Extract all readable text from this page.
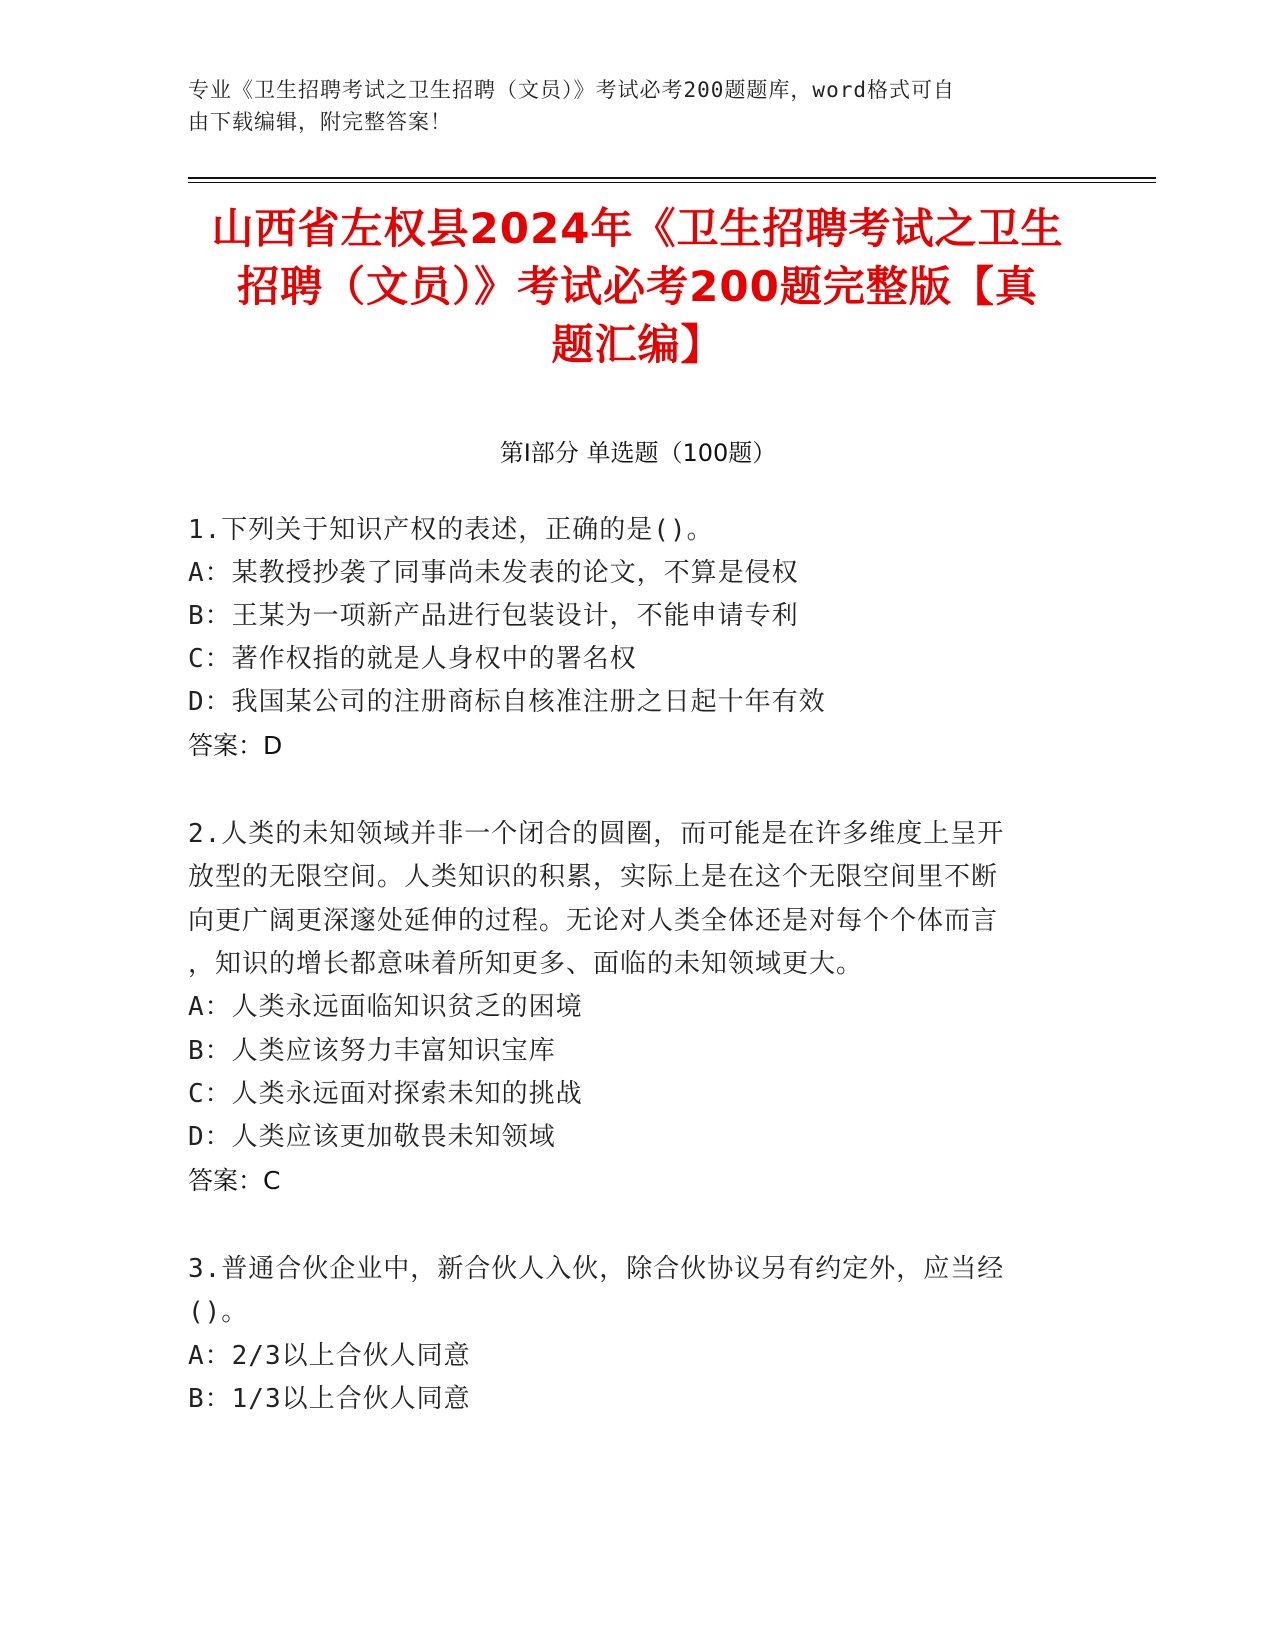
专业《卫生招聘考试之卫生招聘（文员）》考试必考200题题库，word格式可自
由下载编辑，附完整答案！
山西省左权县2024年《卫生招聘考试之卫生
招聘（文员）》考试必考200题完整版【真
题汇编】
第I部分 单选题（100题）
1.下列关于知识产权的表述，正确的是()。
A：某教授抄袭了同事尚未发表的论文，不算是侵权
B：王某为一项新产品进行包装设计，不能申请专利
C：著作权指的就是人身权中的署名权
D：我国某公司的注册商标自核准注册之日起十年有效
答案：D
2.人类的未知领域并非一个闭合的圆圈，而可能是在许多维度上呈开
放型的无限空间。人类知识的积累，实际上是在这个无限空间里不断
向更广阔更深邃处延伸的过程。无论对人类全体还是对每个个体而言
，知识的增长都意味着所知更多、面临的未知领域更大。
A：人类永远面临知识贫乏的困境
B：人类应该努力丰富知识宝库
C：人类永远面对探索未知的挑战
D：人类应该更加敬畏未知领域
答案：C
3.普通合伙企业中，新合伙人入伙，除合伙协议另有约定外，应当经
()。
A：2/3以上合伙人同意
B：1/3以上合伙人同意
